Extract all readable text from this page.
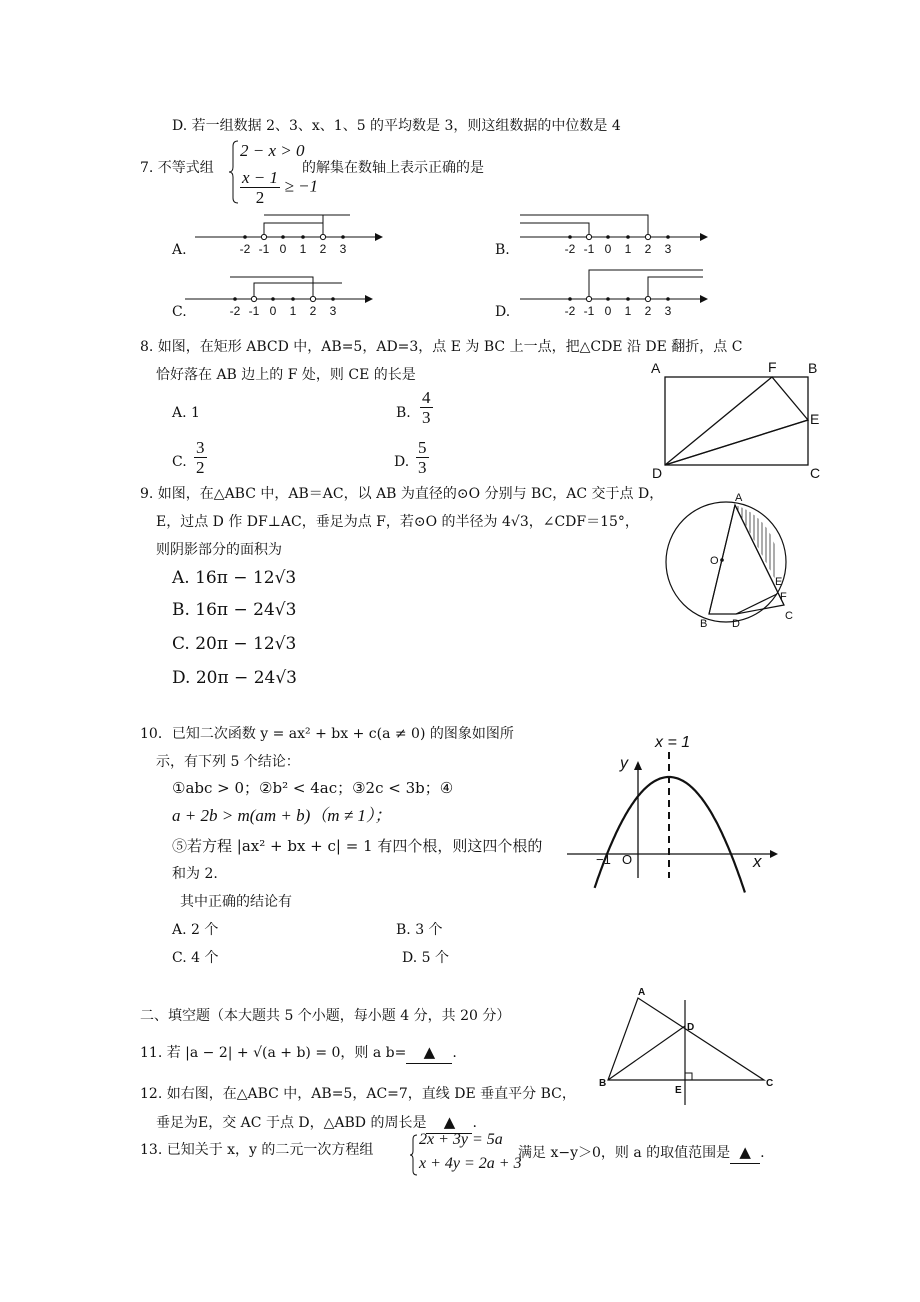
D. 若一组数据 2、3、x、1、5 的平均数是 3，则这组数据的中位数是 4
7. 不等式组
2 − x > 0
$\frac{x - 1}{2} \ge -1$
的解集在数轴上表示正确的是
A.	-2 -1 0 1 2 3	B.	-2 -1 0 1 2 3
C.	-2 -1 0 1 2 3	D.	-2 -1 0 1 2 3
8. 如图，在矩形 ABCD 中，AB=5，AD=3，点 E 为 BC 上一点，把△CDE 沿 DE 翻折，点 C
恰好落在 AB 边上的 F 处，则 CE 的长是
A. 1	B. $\frac{4}{3}$
C. $\frac{3}{2}$	D. $\frac{5}{3}$
A	F B
E
D	C
9. 如图，在△ABC 中，AB＝AC，以 AB 为直径的⊙O 分别与 BC，AC 交于点 D，
E，过点 D 作 DF⊥AC，垂足为点 F，若⊙O 的半径为 4√3，∠CDF＝15°，
则阴影部分的面积为
A. 16π − 12√3
B. 16π − 24√3
C. 20π − 12√3
D. 20π − 24√3
A
O
E
F
B D
C
10．已知二次函数 y = ax² + bx + c(a ≠ 0) 的图象如图所
示，有下列 5 个结论：
①abc > 0；②b² < 4ac；③2c < 3b；④
a + 2b > m(am + b)（m ≠ 1）；
⑤若方程 |ax² + bx + c| = 1 有四个根，则这四个根的
和为 2.
其中正确的结论有
A. 2 个	B. 3 个
C. 4 个	D. 5 个
x = 1
y
x
−1 O
二、填空题（本大题共 5 个小题，每小题 4 分，共 20 分）
11. 若 |a − 2| + √(a + b) = 0，则 a b= ▲ .
12. 如右图，在△ABC 中，AB=5，AC=7，直线 DE 垂直平分 BC，
垂足为E，交 AC 于点 D，△ABD 的周长是 ▲ .
A
D
B
E
C
13. 已知关于 x，y 的二元一次方程组
2x + 3y = 5a
x + 4y = 2a + 3
满足 x−y＞0，则 a 的取值范围是 ▲ .
